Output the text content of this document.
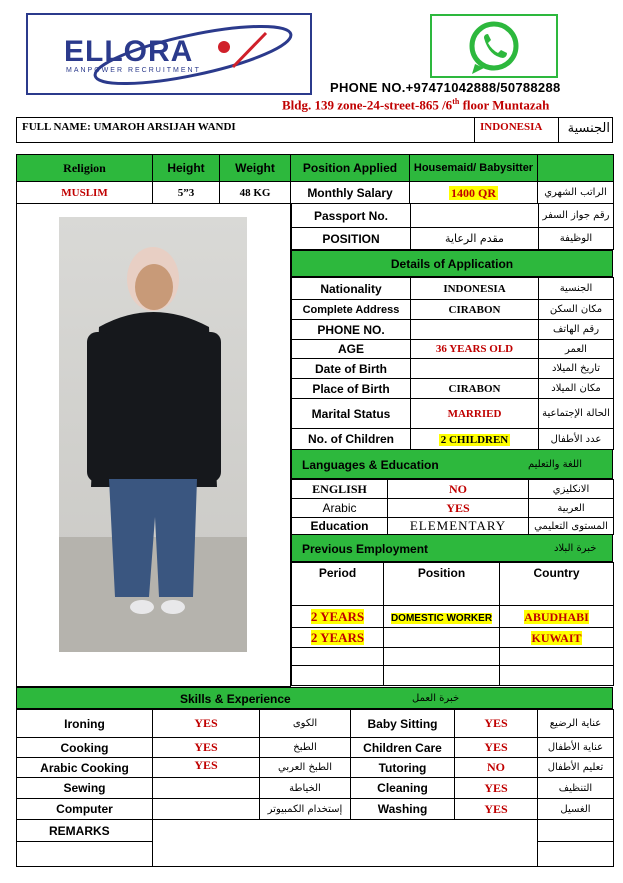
ELLORA
MANPOWER RECRUITMENT
PHONE NO.+97471042888/50788288
Bldg. 139 zone-24-street-865 /6th floor Muntazah
FULL NAME: UMAROH ARSIJAH WANDI	INDONESIA	الجنسية
Religion	Height	Weight	Position Applied	Housemaid/ Babysitter	
MUSLIM	5”3	48 KG	Monthly Salary	1400 QR	الراتب الشهري
Passport No.		رقم جواز السفر
POSITION	مقدم الرعاية	الوظيفة
Details of Application
Nationality	INDONESIA	الجنسية
Complete Address	CIRABON	مكان السكن
PHONE NO.		رقم الهاتف
AGE	36 YEARS OLD	العمر
Date of Birth		تاريخ الميلاد
Place of Birth	CIRABON	مكان الميلاد
Marital Status	MARRIED	الحالة الإجتماعية
No. of Children	2 CHILDREN	عدد الأطفال
Languages & Education	اللغة والتعليم
ENGLISH	NO	الانكليزي
Arabic	YES	العربية
Education	ELEMENTARY	المستوى التعليمي
Previous Employment	خبرة البلاد
Period	Position	Country

2 YEARS	DOMESTIC WORKER	ABUDHABI
2 YEARS		KUWAIT

Skills & Experience	خبرة العمل
Ironing	YES	الكوى	Baby Sitting	YES	عناية الرضيع
Cooking	YES	الطبخ	Children Care	YES	عناية الأطفال
Arabic Cooking	YES	الطبخ العربي	Tutoring	NO	تعليم الأطفال
Sewing		الخياطة	Cleaning	YES	التنظيف
Computer		إستخدام الكمبيوتر	Washing	YES	الغسيل
REMARKS					
